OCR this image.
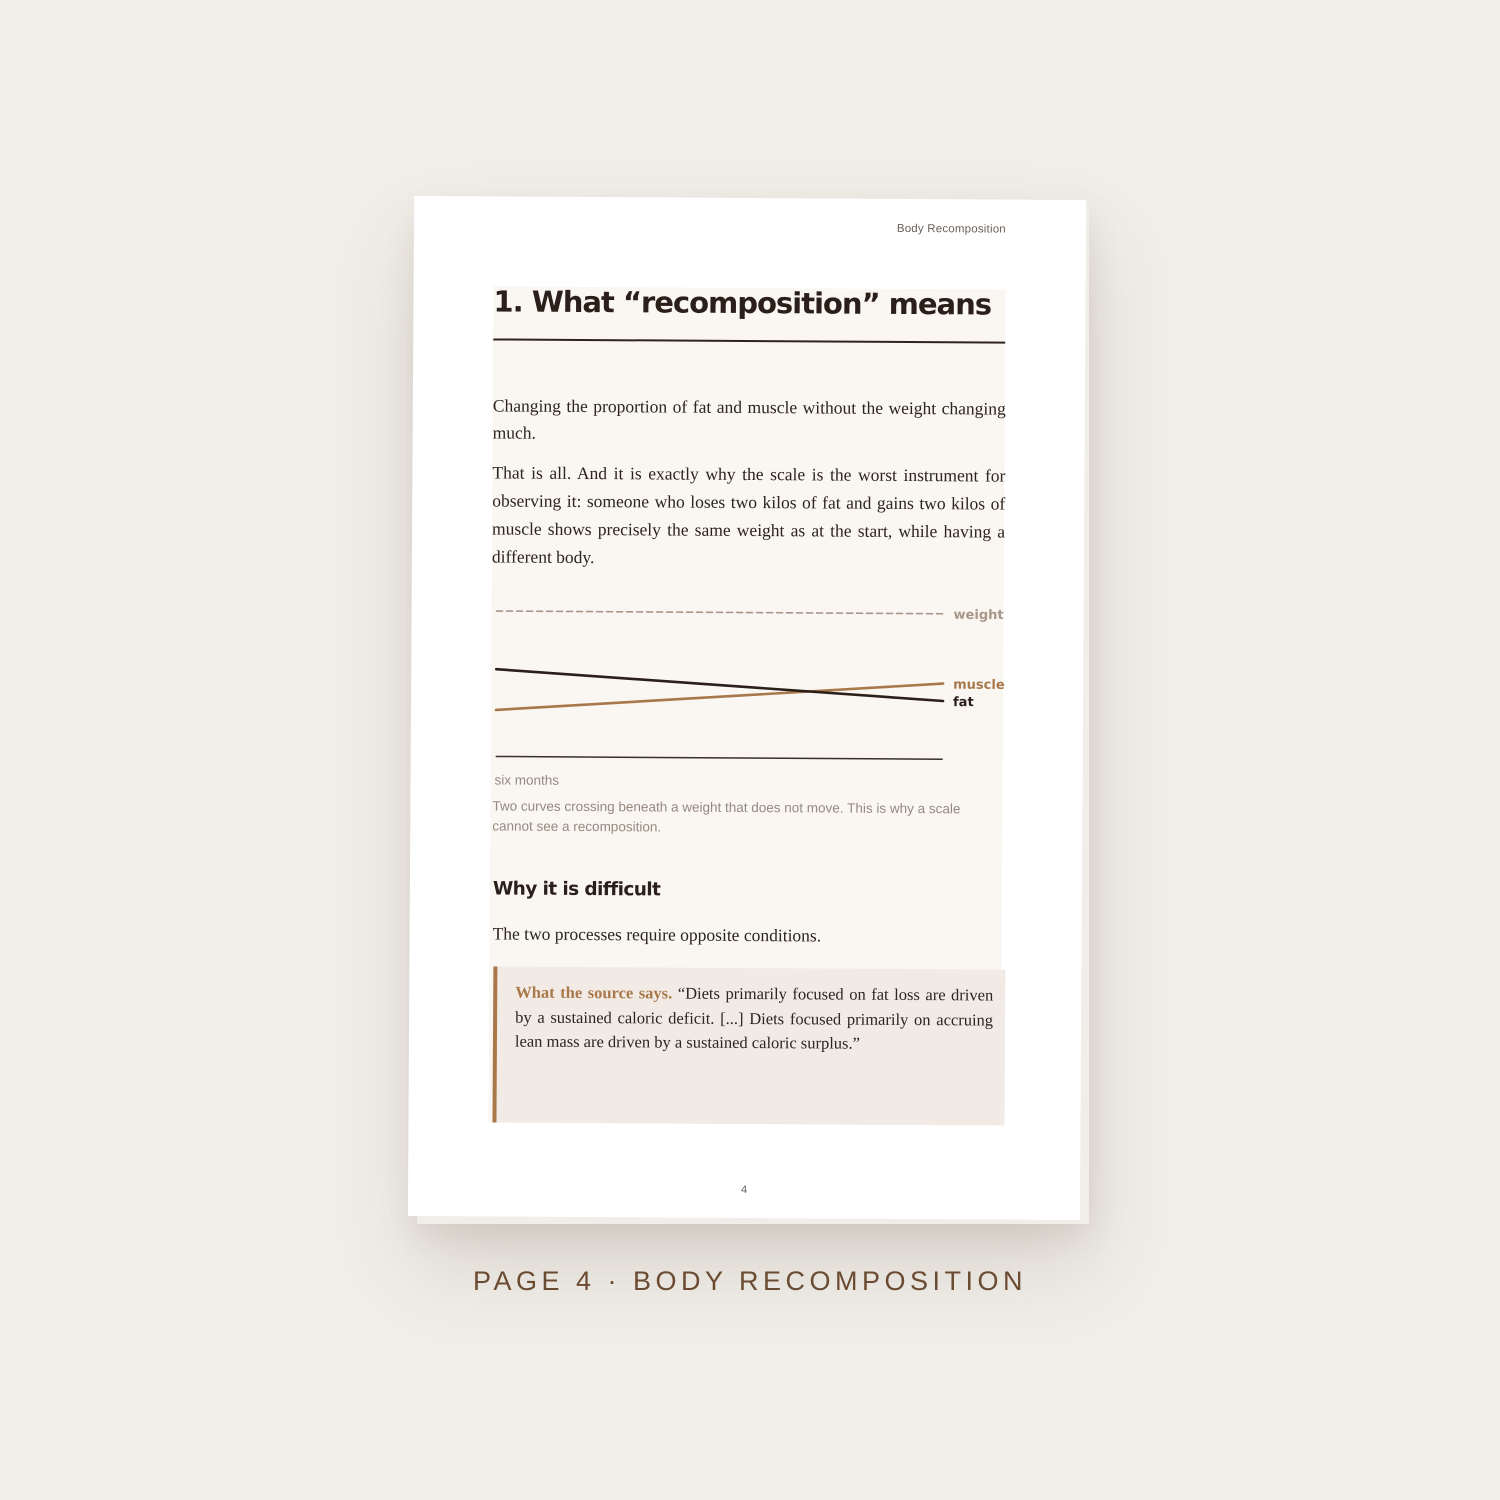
Body Recomposition
1. What “recomposition” means

Changing the proportion of fat and muscle without the weight changing much.

That is all. And it is exactly why the scale is the worst instrument for observing it: someone who loses two kilos of fat and gains two kilos of muscle shows precisely the same weight as at the start, while having a different body.

weight
muscle
fat
six months
Two curves crossing beneath a weight that does not move. This is why a scale cannot see a recomposition.
Why it is difficult

The two processes require opposite conditions.

What the source says. “Diets primarily focused on fat loss are driven by a sustained caloric deficit. [...] Diets focused primarily on accruing lean mass are driven by a sustained caloric surplus.”

4
PAGE 4 · BODY RECOMPOSITION
